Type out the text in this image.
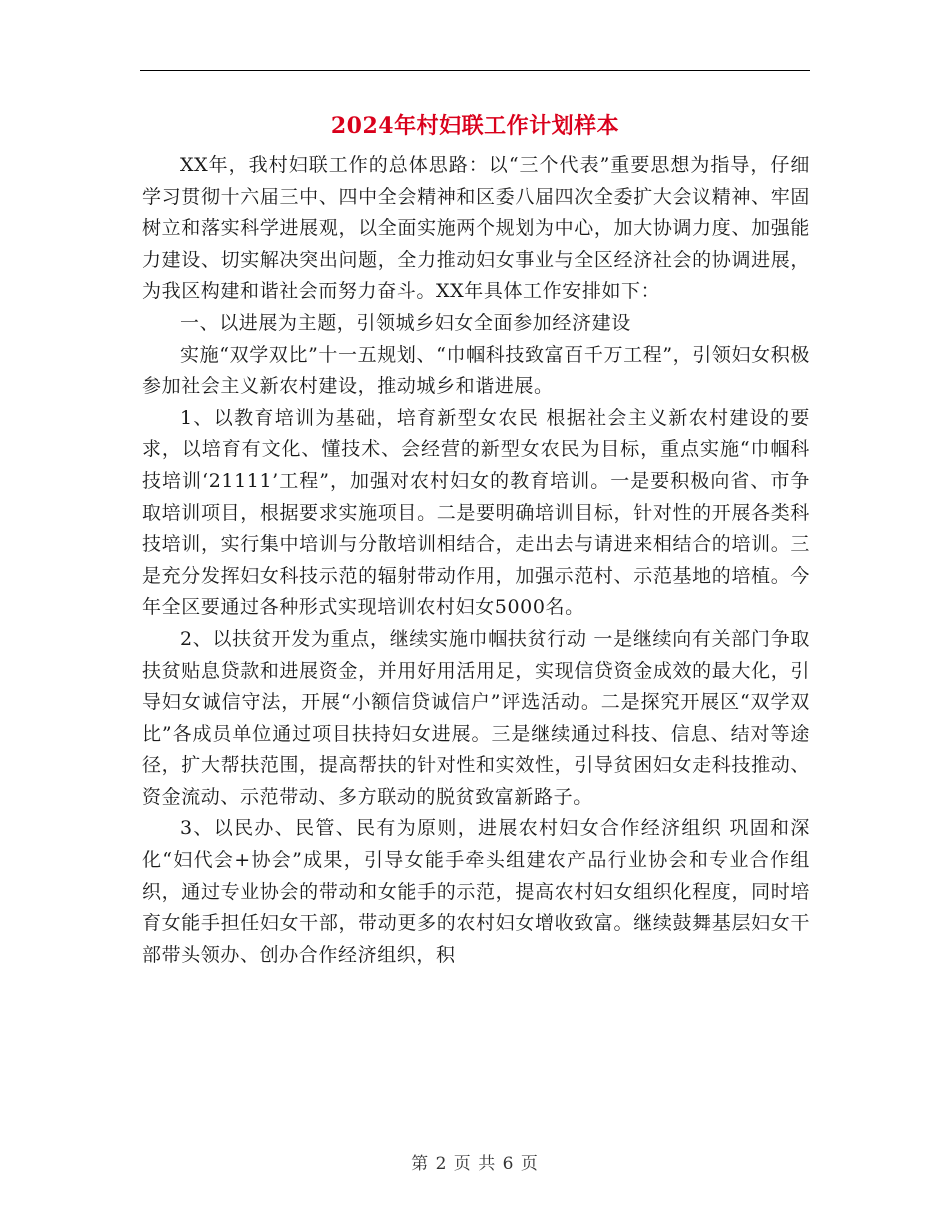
2024年村妇联工作计划样本

XX年，我村妇联工作的总体思路：以“三个代表”重要思想为指导，仔细学习贯彻十六届三中、四中全会精神和区委八届四次全委扩大会议精神、牢固树立和落实科学进展观，以全面实施两个规划为中心，加大协调力度、加强能力建设、切实解决突出问题，全力推动妇女事业与全区经济社会的协调进展，为我区构建和谐社会而努力奋斗。XX年具体工作安排如下：

一、以进展为主题，引领城乡妇女全面参加经济建设

实施“双学双比”十一五规划、“巾帼科技致富百千万工程”，引领妇女积极参加社会主义新农村建设，推动城乡和谐进展。

1、以教育培训为基础，培育新型女农民 根据社会主义新农村建设的要求，以培育有文化、懂技术、会经营的新型女农民为目标，重点实施“巾帼科技培训‘21111’工程”，加强对农村妇女的教育培训。一是要积极向省、市争取培训项目，根据要求实施项目。二是要明确培训目标，针对性的开展各类科技培训，实行集中培训与分散培训相结合，走出去与请进来相结合的培训。三是充分发挥妇女科技示范的辐射带动作用，加强示范村、示范基地的培植。今年全区要通过各种形式实现培训农村妇女5000名。

2、以扶贫开发为重点，继续实施巾帼扶贫行动 一是继续向有关部门争取扶贫贴息贷款和进展资金，并用好用活用足，实现信贷资金成效的最大化，引导妇女诚信守法，开展“小额信贷诚信户”评选活动。二是探究开展区“双学双比”各成员单位通过项目扶持妇女进展。三是继续通过科技、信息、结对等途径，扩大帮扶范围，提高帮扶的针对性和实效性，引导贫困妇女走科技推动、资金流动、示范带动、多方联动的脱贫致富新路子。

3、以民办、民管、民有为原则，进展农村妇女合作经济组织 巩固和深化“妇代会+协会”成果，引导女能手牵头组建农产品行业协会和专业合作组织，通过专业协会的带动和女能手的示范，提高农村妇女组织化程度，同时培育女能手担任妇女干部，带动更多的农村妇女增收致富。继续鼓舞基层妇女干部带头领办、创办合作经济组织，积

第 2 页 共 6 页
